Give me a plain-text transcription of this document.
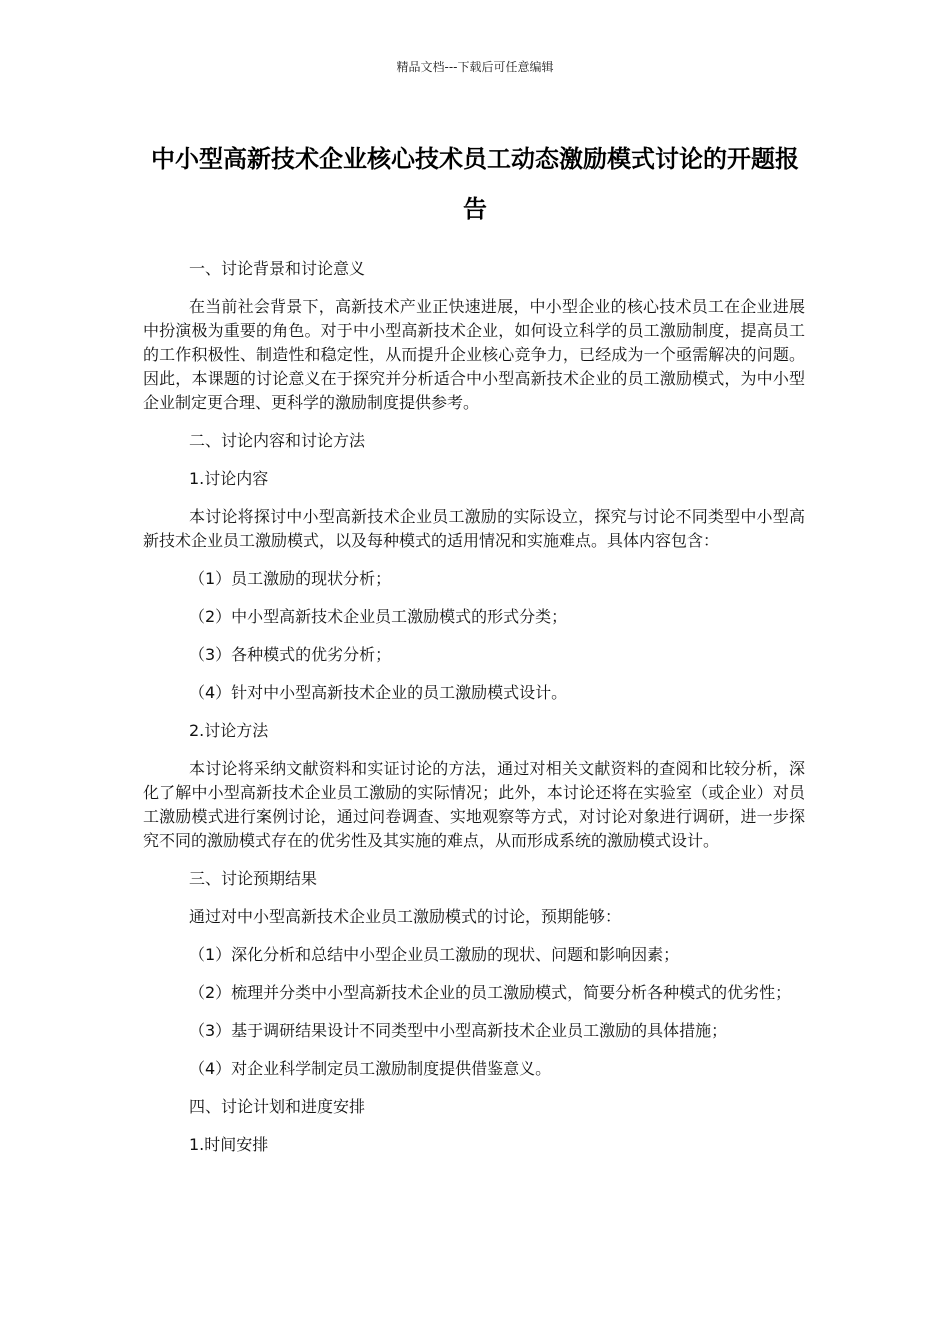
精品文档---下载后可任意编辑
中小型高新技术企业核心技术员工动态激励模式讨论的开题报告

一、讨论背景和讨论意义

在当前社会背景下，高新技术产业正快速进展，中小型企业的核心技术员工在企业进展中扮演极为重要的角色。对于中小型高新技术企业，如何设立科学的员工激励制度，提高员工的工作积极性、制造性和稳定性，从而提升企业核心竞争力，已经成为一个亟需解决的问题。因此，本课题的讨论意义在于探究并分析适合中小型高新技术企业的员工激励模式，为中小型企业制定更合理、更科学的激励制度提供参考。

二、讨论内容和讨论方法

1.讨论内容

本讨论将探讨中小型高新技术企业员工激励的实际设立，探究与讨论不同类型中小型高新技术企业员工激励模式，以及每种模式的适用情况和实施难点。具体内容包含：

（1）员工激励的现状分析；

（2）中小型高新技术企业员工激励模式的形式分类；

（3）各种模式的优劣分析；

（4）针对中小型高新技术企业的员工激励模式设计。

2.讨论方法

本讨论将采纳文献资料和实证讨论的方法，通过对相关文献资料的查阅和比较分析，深化了解中小型高新技术企业员工激励的实际情况；此外，本讨论还将在实验室（或企业）对员工激励模式进行案例讨论，通过问卷调查、实地观察等方式，对讨论对象进行调研，进一步探究不同的激励模式存在的优劣性及其实施的难点，从而形成系统的激励模式设计。

三、讨论预期结果

通过对中小型高新技术企业员工激励模式的讨论，预期能够：

（1）深化分析和总结中小型企业员工激励的现状、问题和影响因素；

（2）梳理并分类中小型高新技术企业的员工激励模式，简要分析各种模式的优劣性；

（3）基于调研结果设计不同类型中小型高新技术企业员工激励的具体措施；

（4）对企业科学制定员工激励制度提供借鉴意义。

四、讨论计划和进度安排

1.时间安排
